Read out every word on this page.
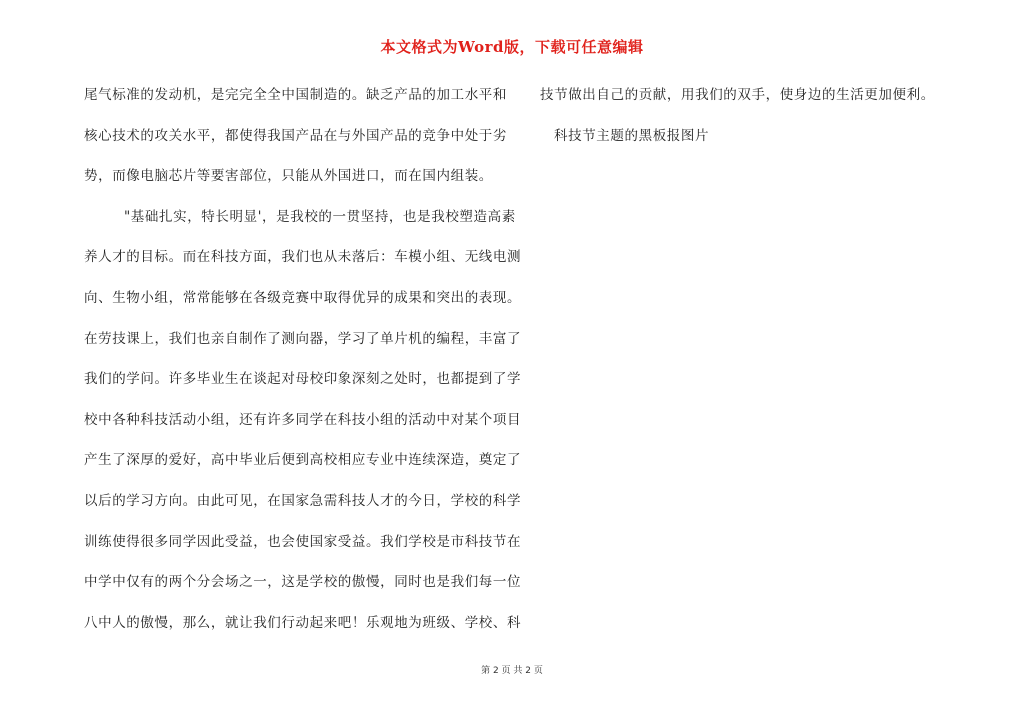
本文格式为Word版，下载可任意编辑
尾气标准的发动机，是完完全全中国制造的。缺乏产品的加工水平和
核心技术的攻关水平，都使得我国产品在与外国产品的竞争中处于劣
势，而像电脑芯片等要害部位，只能从外国进口，而在国内组装。
"基础扎实，特长明显'，是我校的一贯坚持，也是我校塑造高素
养人才的目标。而在科技方面，我们也从未落后：车模小组、无线电测
向、生物小组，常常能够在各级竞赛中取得优异的成果和突出的表现。
在劳技课上，我们也亲自制作了测向器，学习了单片机的编程，丰富了
我们的学问。许多毕业生在谈起对母校印象深刻之处时，也都提到了学
校中各种科技活动小组，还有许多同学在科技小组的活动中对某个项目
产生了深厚的爱好，高中毕业后便到高校相应专业中连续深造，奠定了
以后的学习方向。由此可见，在国家急需科技人才的今日，学校的科学
训练使得很多同学因此受益，也会使国家受益。我们学校是市科技节在
中学中仅有的两个分会场之一，这是学校的傲慢，同时也是我们每一位
八中人的傲慢，那么，就让我们行动起来吧！乐观地为班级、学校、科
技节做出自己的贡献，用我们的双手，使身边的生活更加便利。
科技节主题的黑板报图片
第 2 页 共 2 页
